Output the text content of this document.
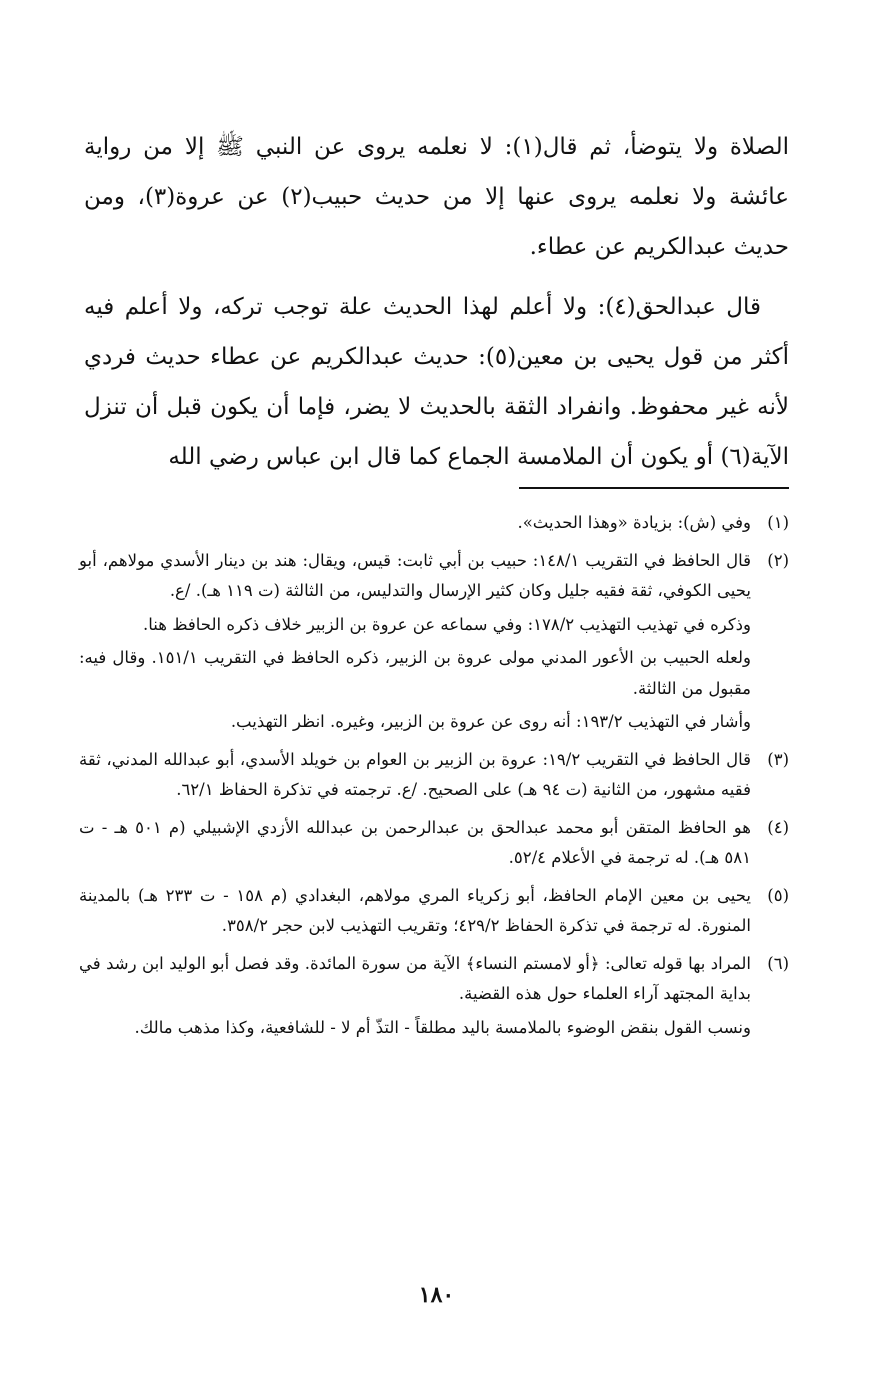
الصلاة ولا يتوضأ، ثم قال(١): لا نعلمه يروى عن النبي ﷺ إلا من رواية عائشة ولا نعلمه يروى عنها إلا من حديث حبيب(٢) عن عروة(٣)، ومن حديث عبدالكريم عن عطاء.

قال عبدالحق(٤): ولا أعلم لهذا الحديث علة توجب تركه، ولا أعلم فيه أكثر من قول يحيى بن معين(٥): حديث عبدالكريم عن عطاء حديث فردي لأنه غير محفوظ. وانفراد الثقة بالحديث لا يضر، فإما أن يكون قبل أن تنزل الآية(٦) أو يكون أن الملامسة الجماع كما قال ابن عباس رضي الله

(١)
وفي (ش): بزيادة «وهذا الحديث».
(٢)
قال الحافظ في التقريب ١٤٨/١: حبيب بن أبي ثابت: قيس، ويقال: هند بن دينار الأسدي مولاهم، أبو يحيى الكوفي، ثقة فقيه جليل وكان كثير الإرسال والتدليس، من الثالثة (ت ١١٩ هـ). /ع.
وذكره في تهذيب التهذيب ١٧٨/٢: وفي سماعه عن عروة بن الزبير خلاف ذكره الحافظ هنا.
ولعله الحبيب بن الأعور المدني مولى عروة بن الزبير، ذكره الحافظ في التقريب ١٥١/١. وقال فيه: مقبول من الثالثة.
وأشار في التهذيب ١٩٣/٢: أنه روى عن عروة بن الزبير، وغيره. انظر التهذيب.
(٣)
قال الحافظ في التقريب ١٩/٢: عروة بن الزبير بن العوام بن خويلد الأسدي، أبو عبدالله المدني، ثقة فقيه مشهور، من الثانية (ت ٩٤ هـ) على الصحيح. /ع. ترجمته في تذكرة الحفاظ ٦٢/١.
(٤)
هو الحافظ المتقن أبو محمد عبدالحق بن عبدالرحمن بن عبدالله الأزدي الإشبيلي (م ٥٠١ هـ - ت ٥٨١ هـ). له ترجمة في الأعلام ٥٢/٤.
(٥)
يحيى بن معين الإمام الحافظ، أبو زكرياء المري مولاهم، البغدادي (م ١٥٨ - ت ٢٣٣ هـ) بالمدينة المنورة. له ترجمة في تذكرة الحفاظ ٤٢٩/٢؛ وتقريب التهذيب لابن حجر ٣٥٨/٢.
(٦)
المراد بها قوله تعالى: ﴿أو لامستم النساء﴾ الآية من سورة المائدة. وقد فصل أبو الوليد ابن رشد في بداية المجتهد آراء العلماء حول هذه القضية.
ونسب القول بنقض الوضوء بالملامسة باليد مطلقاً - التذّ أم لا - للشافعية، وكذا مذهب مالك.
١٨٠
